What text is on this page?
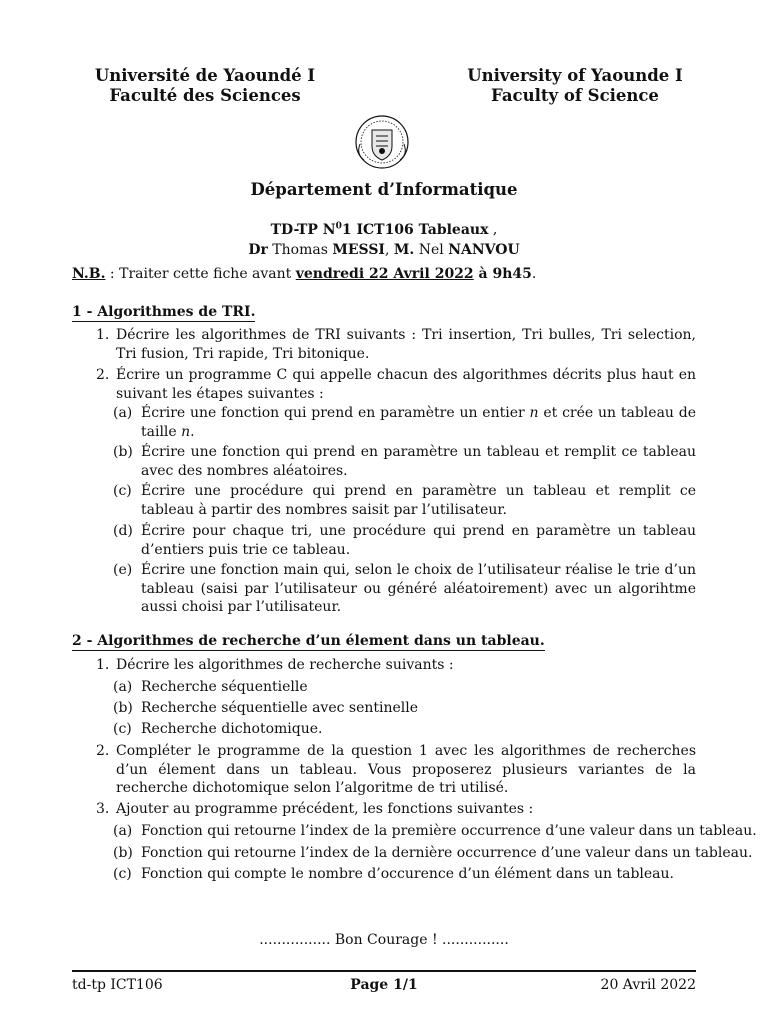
Université de Yaoundé I
Faculté des Sciences
University of Yaounde I
Faculty of Science
Département d’Informatique
TD-TP $N^01$ ICT106 Tableaux ,
Dr Thomas MESSI, M. Nel NANVOU
N.B. : Traiter cette fiche avant vendredi 22 Avril 2022 à 9h45.
1 - Algorithmes de TRI.
1. Décrire les algorithmes de TRI suivants : Tri insertion, Tri bulles, Tri selection, Tri fusion, Tri rapide, Tri bitonique.
2. Écrire un programme C qui appelle chacun des algorithmes décrits plus haut en suivant les étapes suivantes :
(a) Écrire une fonction qui prend en paramètre un entier n et crée un tableau de taille n.
(b) Écrire une fonction qui prend en paramètre un tableau et remplit ce tableau avec des nombres aléatoires.
(c) Écrire une procédure qui prend en paramètre un tableau et remplit ce tableau à partir des nombres saisit par l’utilisateur.
(d) Écrire pour chaque tri, une procédure qui prend en paramètre un tableau d’entiers puis trie ce tableau.
(e) Écrire une fonction main qui, selon le choix de l’utilisateur réalise le trie d’un tableau (saisi par l’utilisateur ou généré aléatoirement) avec un algorihtme aussi choisi par l’utilisateur.
2 - Algorithmes de recherche d’un élement dans un tableau.
1. Décrire les algorithmes de recherche suivants :
(a) Recherche séquentielle
(b) Recherche séquentielle avec sentinelle
(c) Recherche dichotomique.
2. Compléter le programme de la question 1 avec les algorithmes de recherches d’un élement dans un tableau. Vous proposerez plusieurs variantes de la recherche dichotomique selon l’algoritme de tri utilisé.
3. Ajouter au programme précédent, les fonctions suivantes :
(a) Fonction qui retourne l’index de la première occurrence d’une valeur dans un tableau.
(b) Fonction qui retourne l’index de la dernière occurrence d’une valeur dans un tableau.
(c) Fonction qui compte le nombre d’occurence d’un élément dans un tableau.
................ Bon Courage ! ...............
td-tp ICT106	Page 1/1	20 Avril 2022
